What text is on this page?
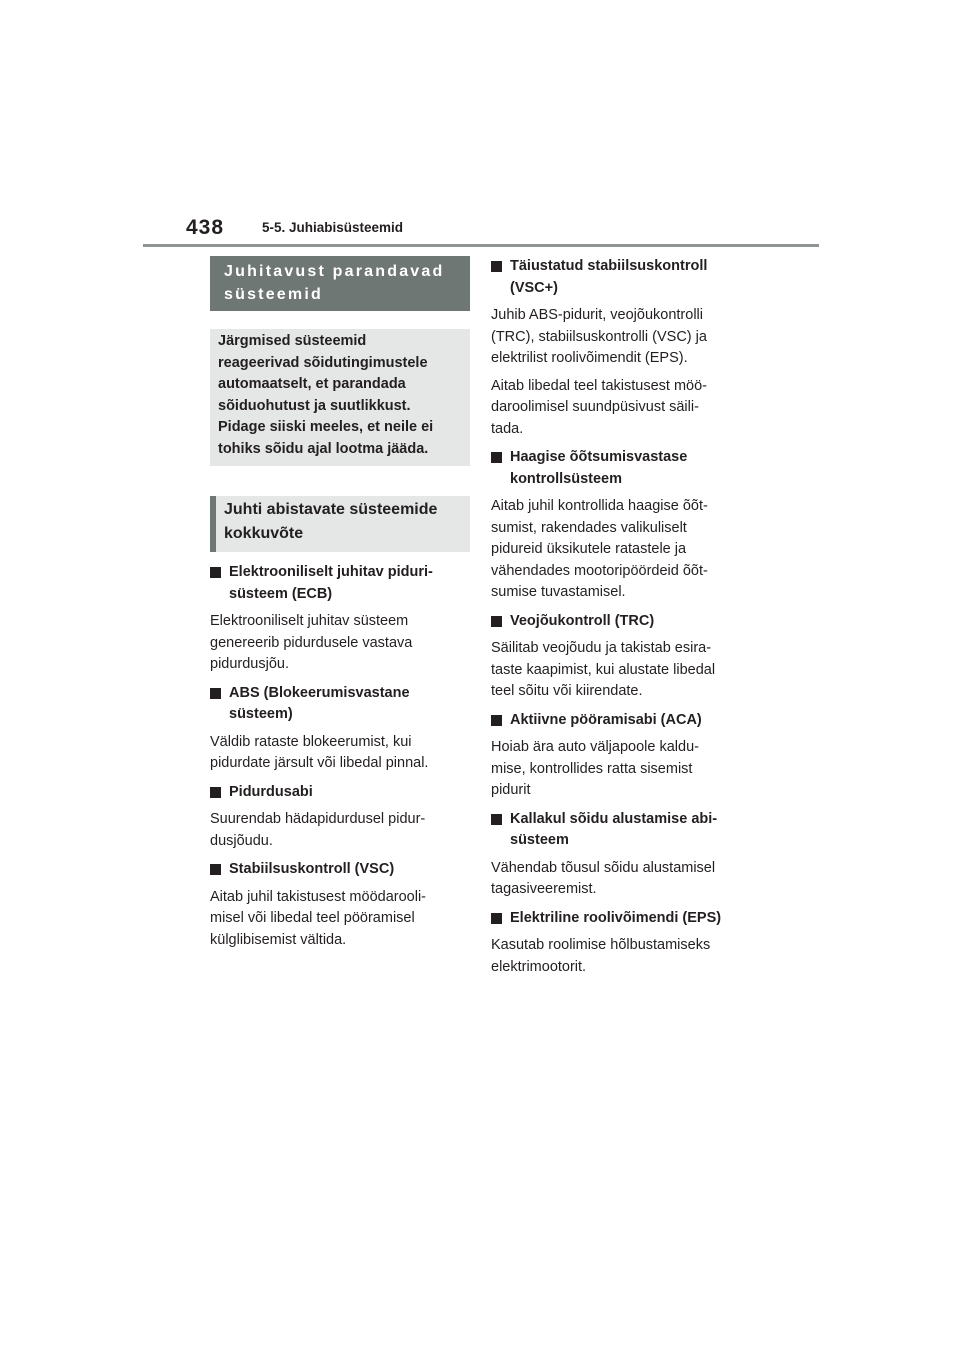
438	5-5. Juhiabisüsteemid
Juhitavust parandavad
süsteemid
Järgmised süsteemid
reageerivad sõidutingimustele
automaatselt, et parandada
sõiduohutust ja suutlikkust.
Pidage siiski meeles, et neile ei
tohiks sõidu ajal lootma jääda.
Juhti abistavate süsteemide
kokkuvõte
Elektrooniliselt juhitav piduri-
süsteem (ECB)
Elektrooniliselt juhitav süsteem
genereerib pidurdusele vastava
pidurdusjõu.
ABS (Blokeerumisvastane
süsteem)
Väldib rataste blokeerumist, kui
pidurdate järsult või libedal pinnal.
Pidurdusabi
Suurendab hädapidurdusel pidur-
dusjõudu.
Stabiilsuskontroll (VSC)
Aitab juhil takistusest möödarooli-
misel või libedal teel pööramisel
külglibisemist vältida.
Täiustatud stabiilsuskontroll
(VSC+)
Juhib ABS-pidurit, veojõukontrolli
(TRC), stabiilsuskontrolli (VSC) ja
elektrilist roolivõimendit (EPS).
Aitab libedal teel takistusest möö-
daroolimisel suundpüsivust säili-
tada.
Haagise õõtsumisvastase
kontrollsüsteem
Aitab juhil kontrollida haagise õõt-
sumist, rakendades valikuliselt
pidureid üksikutele ratastele ja
vähendades mootoripöördeid õõt-
sumise tuvastamisel.
Veojõukontroll (TRC)
Säilitab veojõudu ja takistab esira-
taste kaapimist, kui alustate libedal
teel sõitu või kiirendate.
Aktiivne pööramisabi (ACA)
Hoiab ära auto väljapoole kaldu-
mise, kontrollides ratta sisemist
pidurit
Kallakul sõidu alustamise abi-
süsteem
Vähendab tõusul sõidu alustamisel
tagasiveeremist.
Elektriline roolivõimendi (EPS)
Kasutab roolimise hõlbustamiseks
elektrimootorit.
